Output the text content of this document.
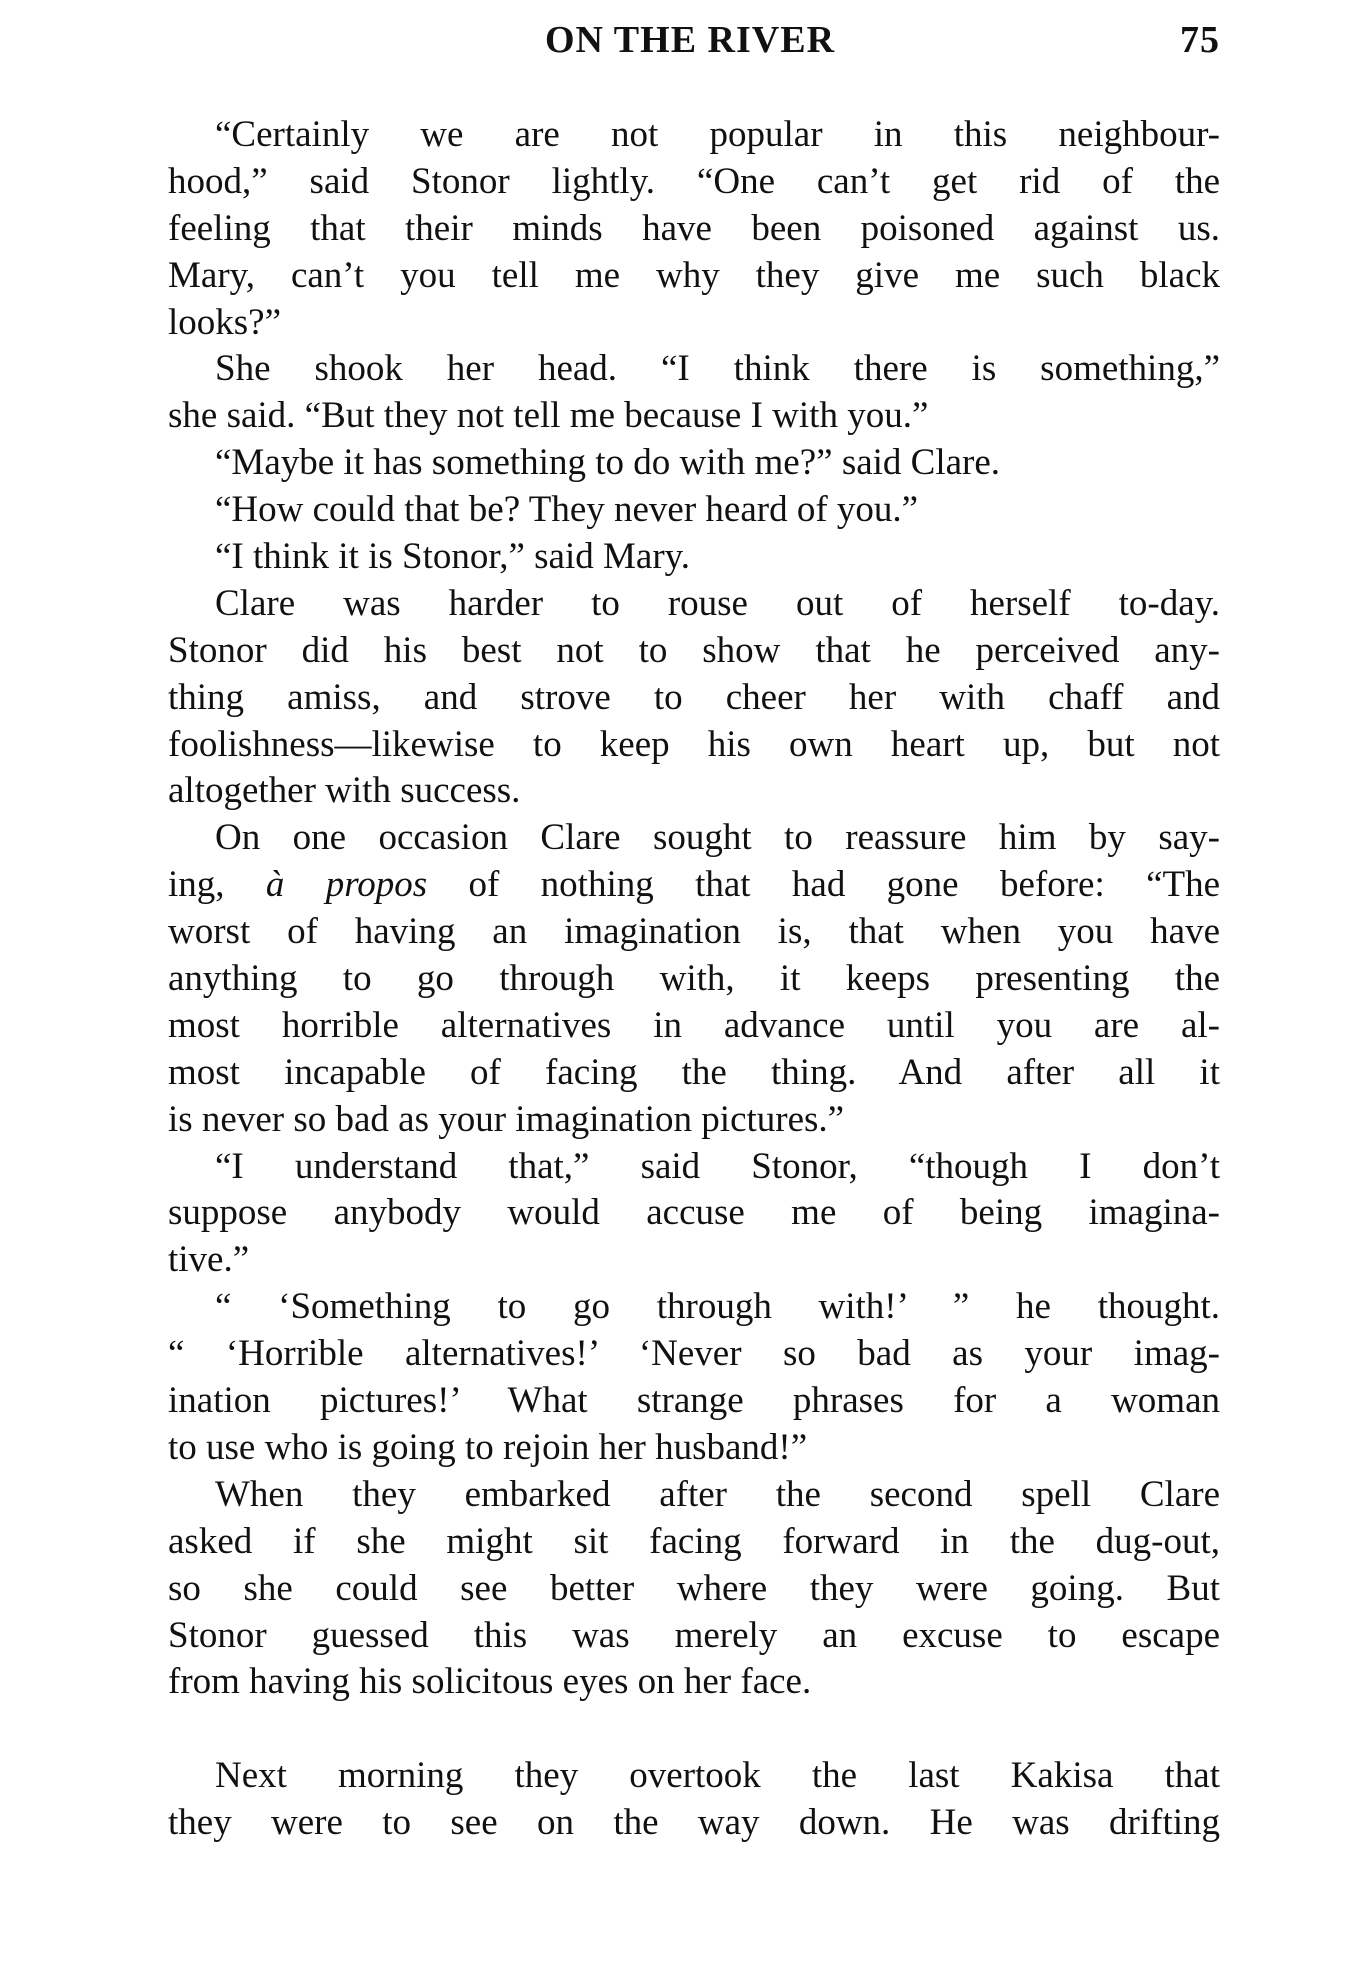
ON THE RIVER	75
“Certainly we are not popular in this neighbour-
hood,” said Stonor lightly. “One can’t get rid of the
feeling that their minds have been poisoned against us.
Mary, can’t you tell me why they give me such black
looks?”
She shook her head. “I think there is something,”
she said. “But they not tell me because I with you.”
“Maybe it has something to do with me?” said Clare.
“How could that be? They never heard of you.”
“I think it is Stonor,” said Mary.
Clare was harder to rouse out of herself to-day.
Stonor did his best not to show that he perceived any-
thing amiss, and strove to cheer her with chaff and
foolishness—likewise to keep his own heart up, but not
altogether with success.
On one occasion Clare sought to reassure him by say-
ing, à propos of nothing that had gone before: “The
worst of having an imagination is, that when you have
anything to go through with, it keeps presenting the
most horrible alternatives in advance until you are al-
most incapable of facing the thing. And after all it
is never so bad as your imagination pictures.”
“I understand that,” said Stonor, “though I don’t
suppose anybody would accuse me of being imagina-
tive.”
“ ‘Something to go through with!’ ” he thought.
“ ‘Horrible alternatives!’ ‘Never so bad as your imag-
ination pictures!’ What strange phrases for a woman
to use who is going to rejoin her husband!”
When they embarked after the second spell Clare
asked if she might sit facing forward in the dug-out,
so she could see better where they were going. But
Stonor guessed this was merely an excuse to escape
from having his solicitous eyes on her face.
Next morning they overtook the last Kakisa that
they were to see on the way down. He was drifting
